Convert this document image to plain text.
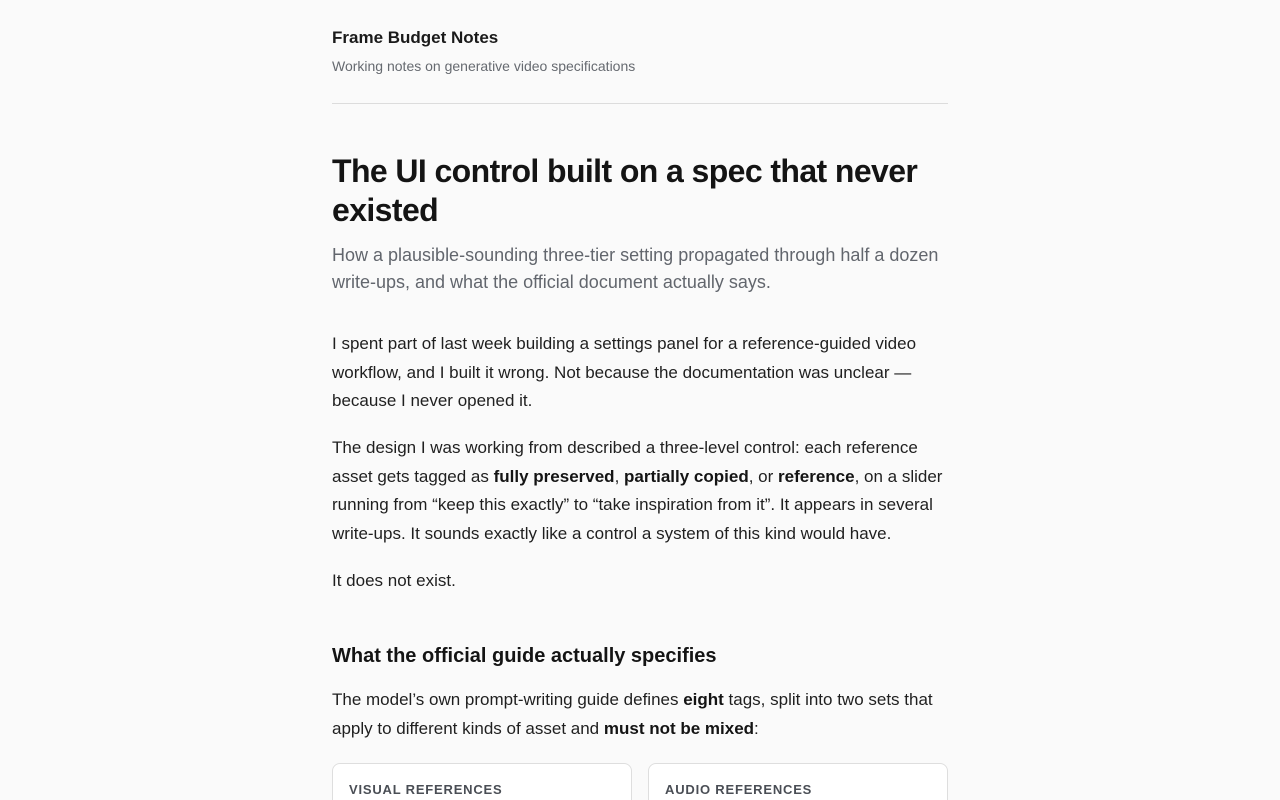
Frame Budget Notes
Working notes on generative video specifications
The UI control built on a spec that never existed
How a plausible-sounding three-tier setting propagated through half a dozen write-ups, and what the official document actually says.

I spent part of last week building a settings panel for a reference-guided video workflow, and I built it wrong. Not because the documentation was unclear — because I never opened it.

The design I was working from described a three-level control: each reference asset gets tagged as fully preserved, partially copied, or reference, on a slider running from “keep this exactly” to “take inspiration from it”. It appears in several write-ups. It sounds exactly like a control a system of this kind would have.

It does not exist.

What the official guide actually specifies

The model’s own prompt-writing guide defines eight tags, split into two sets that apply to different kinds of asset and must not be mixed:

VISUAL REFERENCES	AUDIO REFERENCES
